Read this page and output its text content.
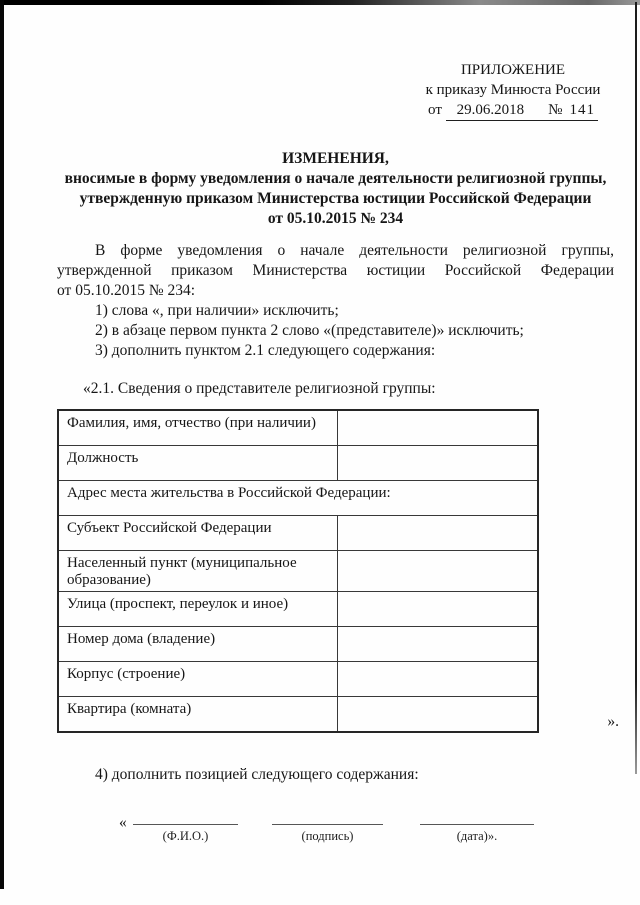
ПРИЛОЖЕНИЕ
к приказу Минюста России
от 29.06.2018 № 141
ИЗМЕНЕНИЯ,
вносимые в форму уведомления о начале деятельности религиозной группы,
утвержденную приказом Министерства юстиции Российской Федерации
от 05.10.2015 № 234
В форме уведомления о начале деятельности религиозной группы,
утвержденной приказом Министерства юстиции Российской Федерации
от 05.10.2015 № 234:

1) слова «, при наличии» исключить;

2) в абзаце первом пункта 2 слово «(представителе)» исключить;

3) дополнить пунктом 2.1 следующего содержания:

«2.1. Сведения о представителе религиозной группы:
Фамилия, имя, отчество (при наличии)	
Должность	
Адрес места жительства в Российской Федерации:	
Субъект Российской Федерации	
Населенный пункт (муниципальное образование)	
Улица (проспект, переулок и иное)	
Номер дома (владение)	
Корпус (строение)	
Квартира (комната)	
».
4) дополнить позицией следующего содержания:
«
(Ф.И.О.)	(подпись)	(дата)».
